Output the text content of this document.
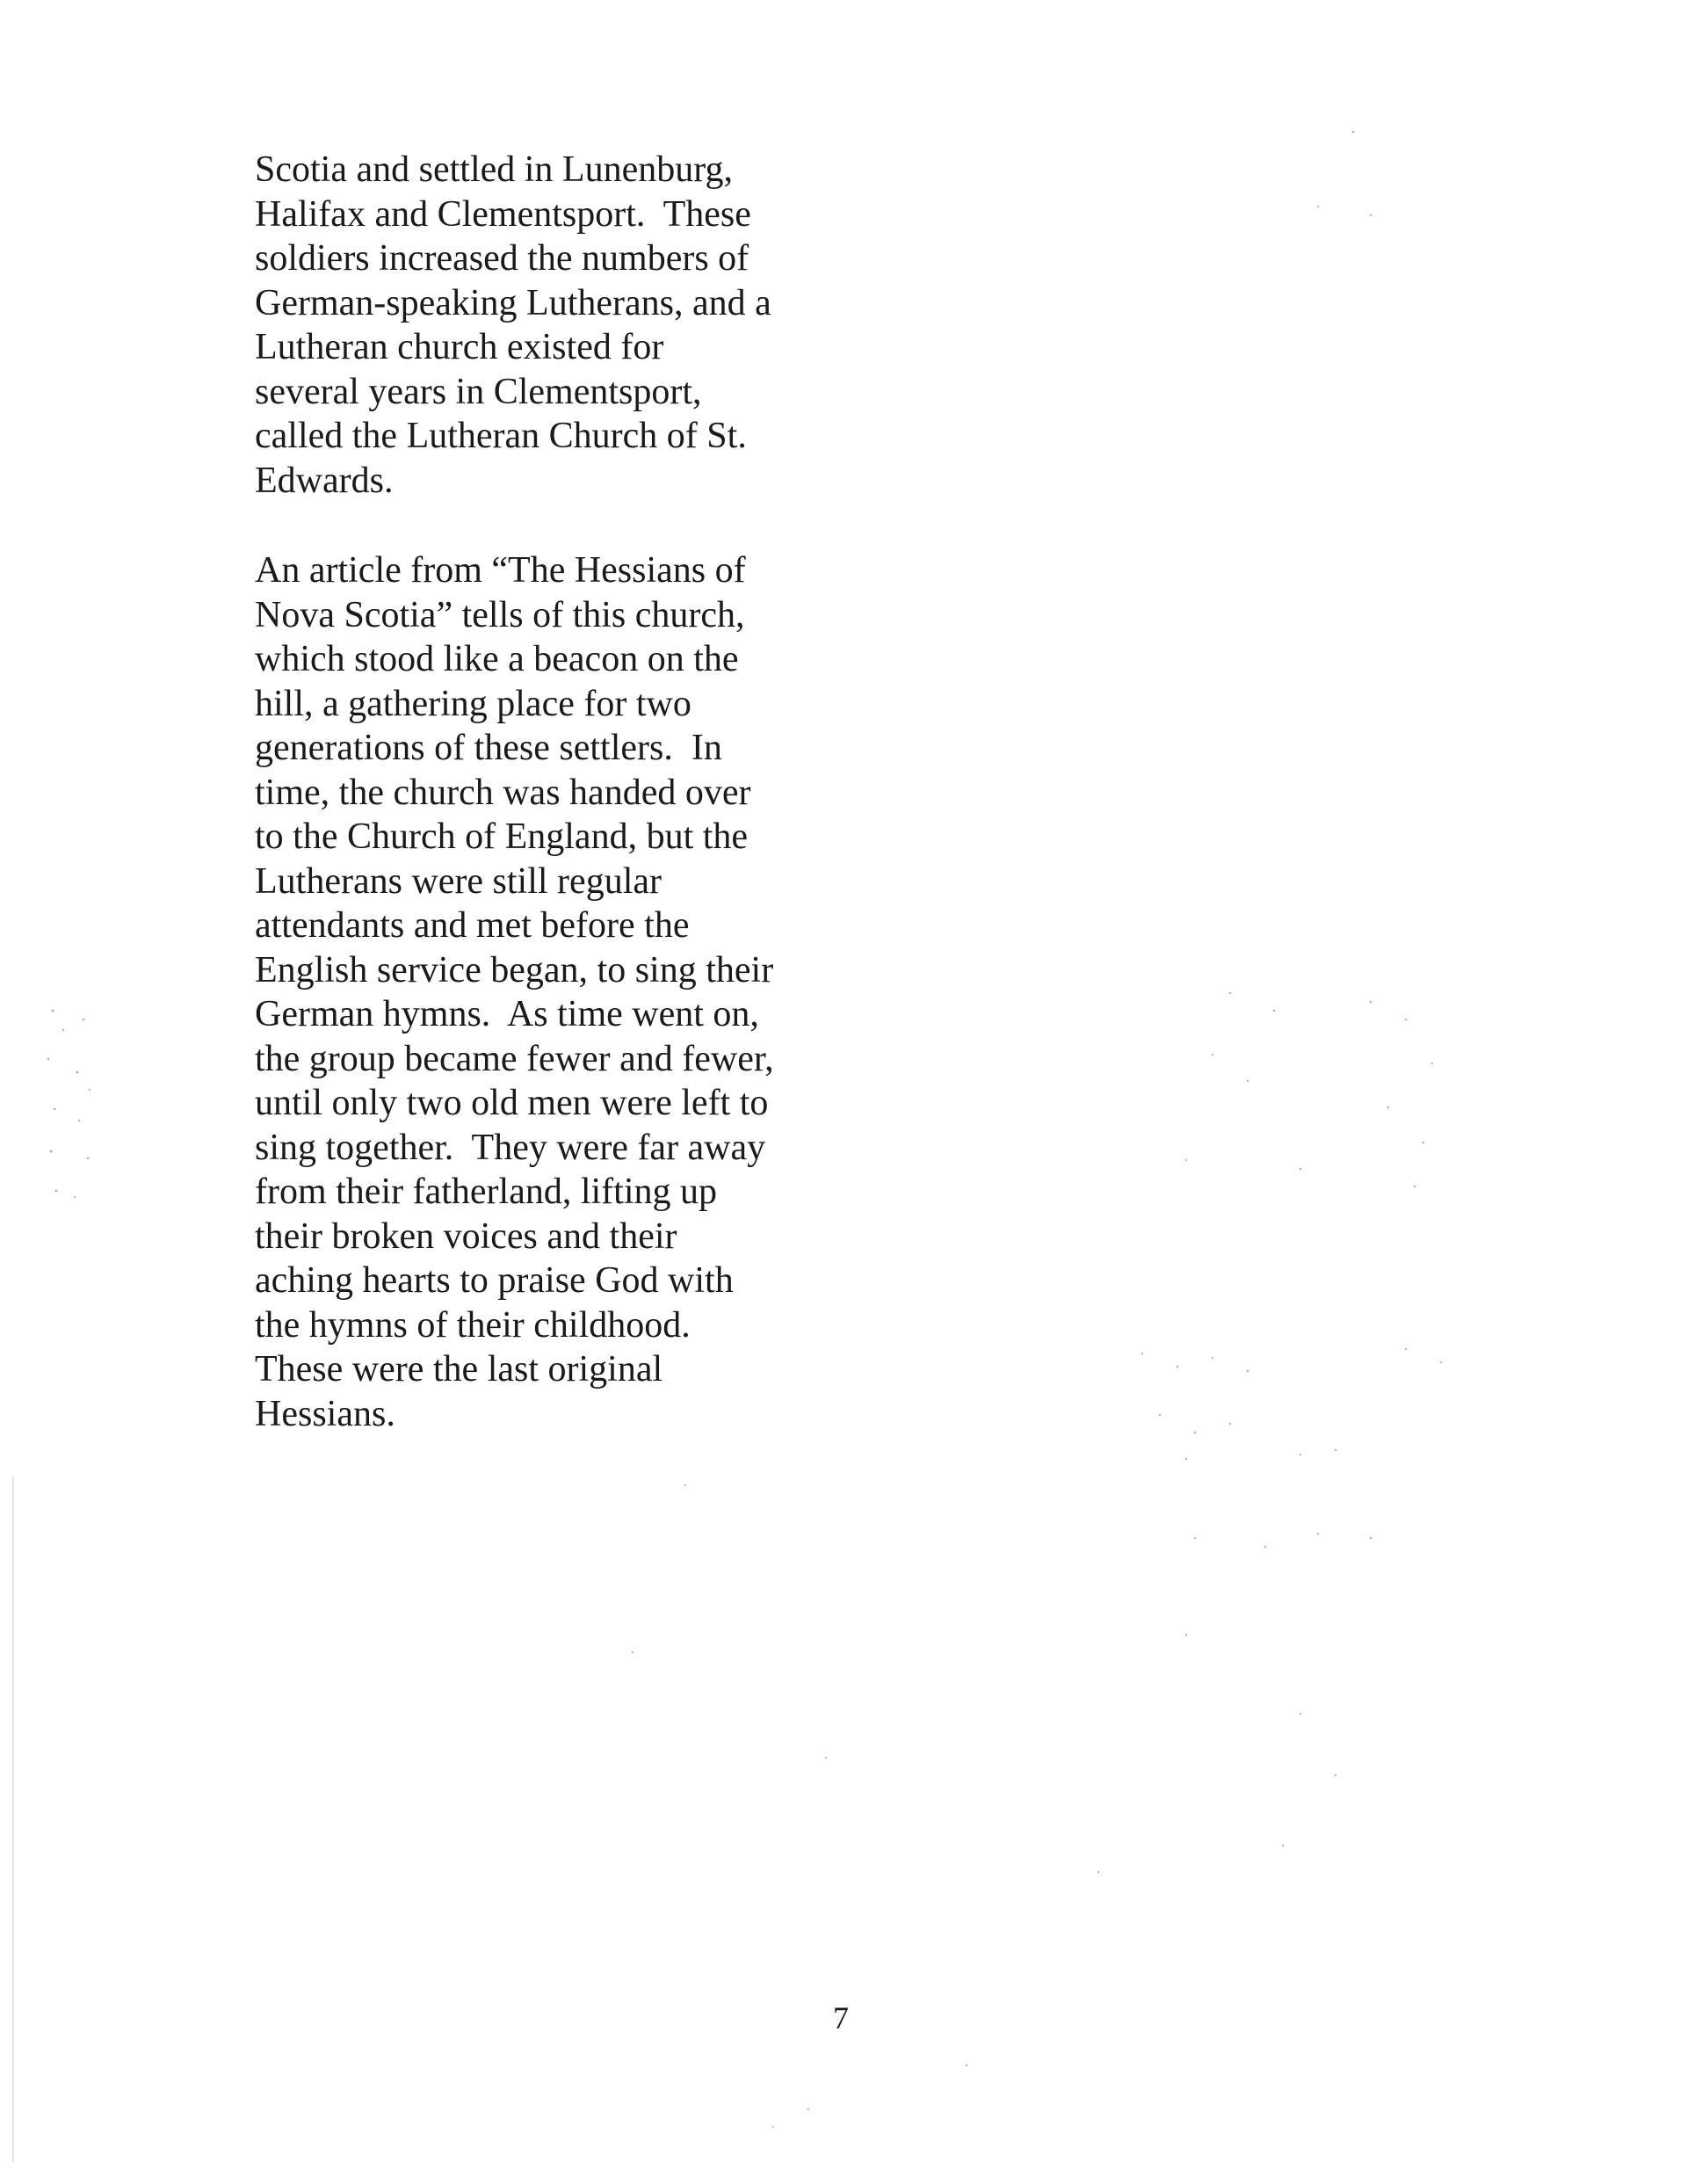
Scotia and settled in Lunenburg,
Halifax and Clementsport.  These
soldiers increased the numbers of
German-speaking Lutherans, and a
Lutheran church existed for
several years in Clementsport,
called the Lutheran Church of St.
Edwards.

An article from “The Hessians of
Nova Scotia” tells of this church,
which stood like a beacon on the
hill, a gathering place for two
generations of these settlers.  In
time, the church was handed over
to the Church of England, but the
Lutherans were still regular
attendants and met before the
English service began, to sing their
German hymns.  As time went on,
the group became fewer and fewer,
until only two old men were left to
sing together.  They were far away
from their fatherland, lifting up
their broken voices and their
aching hearts to praise God with
the hymns of their childhood.
These were the last original
Hessians.

7
